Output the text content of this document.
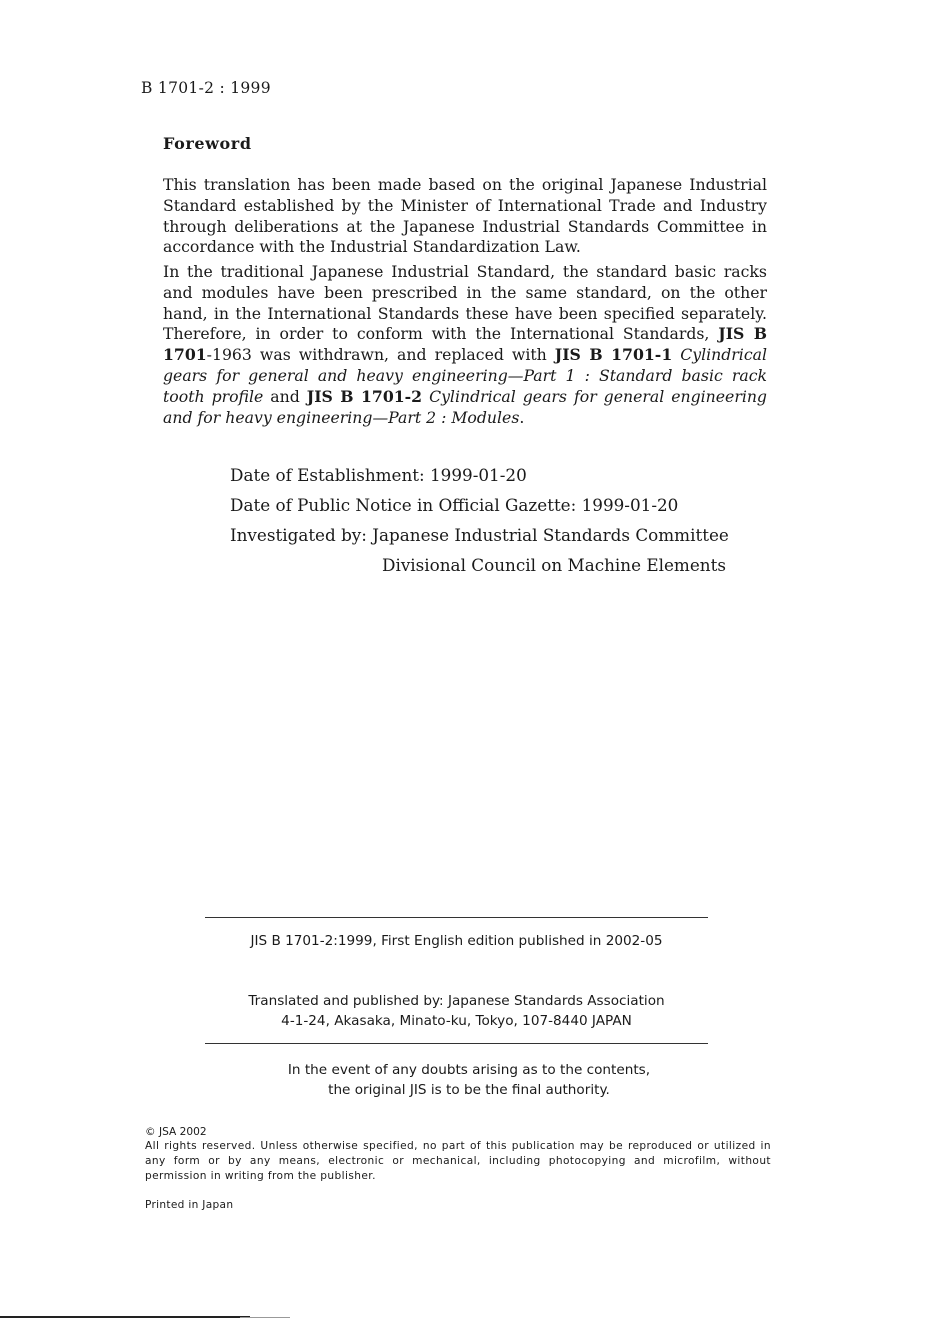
B 1701-2 : 1999
Foreword
This translation has been made based on the original Japanese Industrial Standard established by the Minister of International Trade and Industry through deliberations at the Japanese Industrial Standards Committee in accordance with the Industrial Standardization Law.
In the traditional Japanese Industrial Standard, the standard basic racks and modules have been prescribed in the same standard, on the other hand, in the International Standards these have been specified separately. Therefore, in order to conform with the International Standards, JIS B 1701-1963 was withdrawn, and replaced with JIS B 1701-1 Cylindrical gears for general and heavy engineering—Part 1 : Standard basic rack tooth profile and JIS B 1701-2 Cylindrical gears for general engineering and for heavy engineering—Part 2 : Modules.
Date of Establishment: 1999-01-20
Date of Public Notice in Official Gazette: 1999-01-20
Investigated by: Japanese Industrial Standards Committee
Divisional Council on Machine Elements
JIS B 1701-2:1999, First English edition published in 2002-05
Translated and published by: Japanese Standards Association
4-1-24, Akasaka, Minato-ku, Tokyo, 107-8440 JAPAN
In the event of any doubts arising as to the contents,
the original JIS is to be the final authority.
© JSA 2002
All rights reserved. Unless otherwise specified, no part of this publication may be reproduced or utilized in any form or by any means, electronic or mechanical, including photocopying and microfilm, without permission in writing from the publisher.
Printed in Japan
